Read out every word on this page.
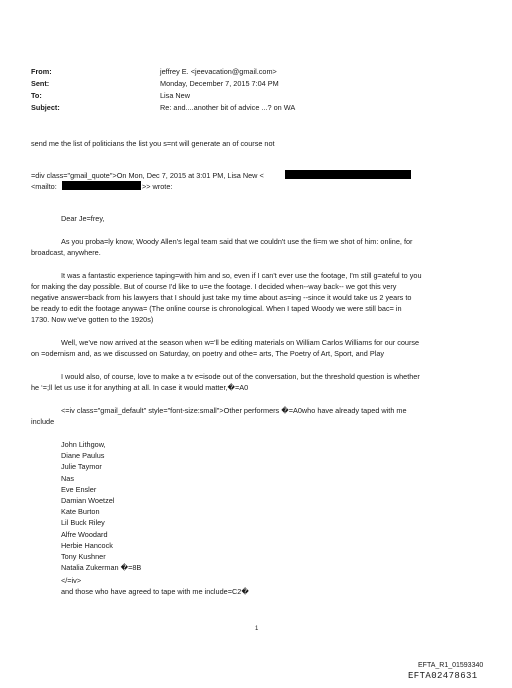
From:	jeffrey E. <jeevacation@gmail.com>
Sent:	Monday, December 7, 2015 7:04 PM
To:	Lisa New
Subject:	Re: and....another bit of advice ...? on WA
send me the list of politicians the list you s=nt will generate an of course not
=div class="gmail_quote">On Mon, Dec 7, 2015 at 3:01 PM, Lisa New <
<mailto:	>> wrote:
Dear Je=frey,
As you proba=ly know, Woody Allen's legal team said that we couldn't use the fi=m we shot of him: online, for
broadcast, anywhere.
It was a fantastic experience taping=with him and so, even if I can't ever use the footage, I'm still g=ateful to you
for making the day possible. But of course I'd like to u=e the footage. I decided when--way back-- we got this very
negative answer=back from his lawyers that I should just take my time about as=ing --since it would take us 2 years to
be ready to edit the footage anywa= (The online course is chronological. When I taped Woody we were still bac= in
1730. Now we've gotten to the 1920s)
Well, we've now arrived at the season when w='ll be editing materials on William Carlos Williams for our course
on =odernism and, as we discussed on Saturday, on poetry and othe= arts, The Poetry of Art, Sport, and Play
I would also, of course, love to make a tv e=isode out of the conversation, but the threshold question is whether
he ‘=;ll let us use it for anything at all. In case it would matter,�=A0
<=iv class="gmail_default" style="font-size:small">Other performers �=A0who have already taped with me
include
John Lithgow,
Diane Paulus
Julie Taymor
Nas
Eve Ensler
Damian Woetzel
Kate Burton
Lil Buck Riley
Alfre Woodard
Herbie Hancock
Tony Kushner
Natalia Zukerman �=8B
</=iv>
and those who have agreed to tape with me include=C2�
1
EFTA_R1_01593340
EFTA02478631
